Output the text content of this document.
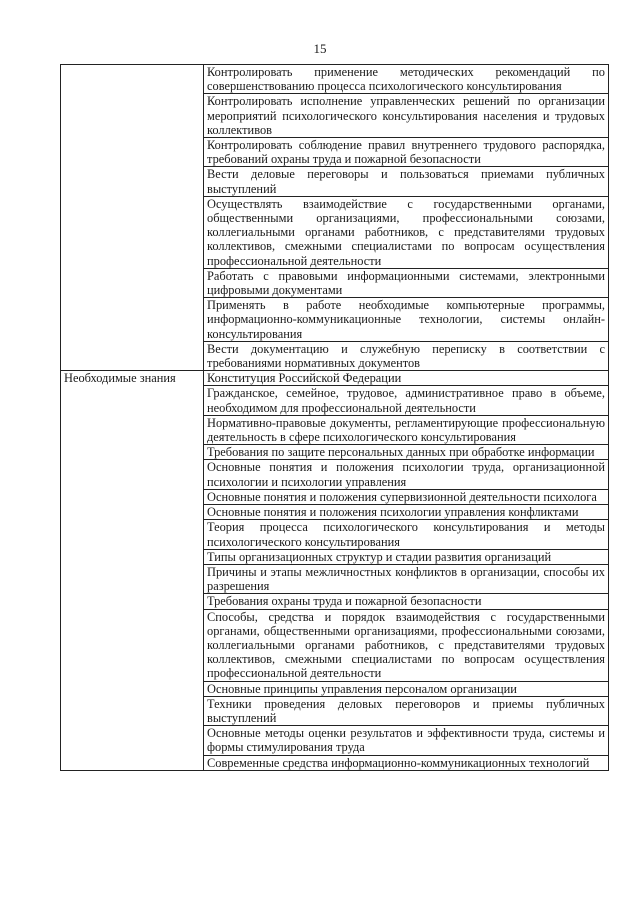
15
	Контролировать применение методических рекомендаций по совершенствованию процесса психологического консультирования
	Контролировать исполнение управленческих решений по организации мероприятий психологического консультирования населения и трудовых коллективов
	Контролировать соблюдение правил внутреннего трудового распорядка, требований охраны труда и пожарной безопасности
	Вести деловые переговоры и пользоваться приемами публичных выступлений
	Осуществлять взаимодействие с государственными органами, общественными организациями, профессиональными союзами, коллегиальными органами работников, с представителями трудовых коллективов, смежными специалистами по вопросам осуществления профессиональной деятельности
	Работать с правовыми информационными системами, электронными цифровыми документами
	Применять в работе необходимые компьютерные программы, информационно-коммуникационные технологии, системы онлайн-консультирования
	Вести документацию и служебную переписку в соответствии с требованиями нормативных документов
Необходимые знания	Конституция Российской Федерации
	Гражданское, семейное, трудовое, административное право в объеме, необходимом для профессиональной деятельности
	Нормативно-правовые документы, регламентирующие профессиональную деятельность в сфере психологического консультирования
	Требования по защите персональных данных при обработке информации
	Основные понятия и положения психологии труда, организационной психологии и психологии управления
	Основные понятия и положения супервизионной деятельности психолога
	Основные понятия и положения психологии управления конфликтами
	Теория процесса психологического консультирования и методы психологического консультирования
	Типы организационных структур и стадии развития организаций
	Причины и этапы межличностных конфликтов в организации, способы их разрешения
	Требования охраны труда и пожарной безопасности
	Способы, средства и порядок взаимодействия с государственными органами, общественными организациями, профессиональными союзами, коллегиальными органами работников, с представителями трудовых коллективов, смежными специалистами по вопросам осуществления профессиональной деятельности
	Основные принципы управления персоналом организации
	Техники проведения деловых переговоров и приемы публичных выступлений
	Основные методы оценки результатов и эффективности труда, системы и формы стимулирования труда
	Современные средства информационно-коммуникационных технологий
